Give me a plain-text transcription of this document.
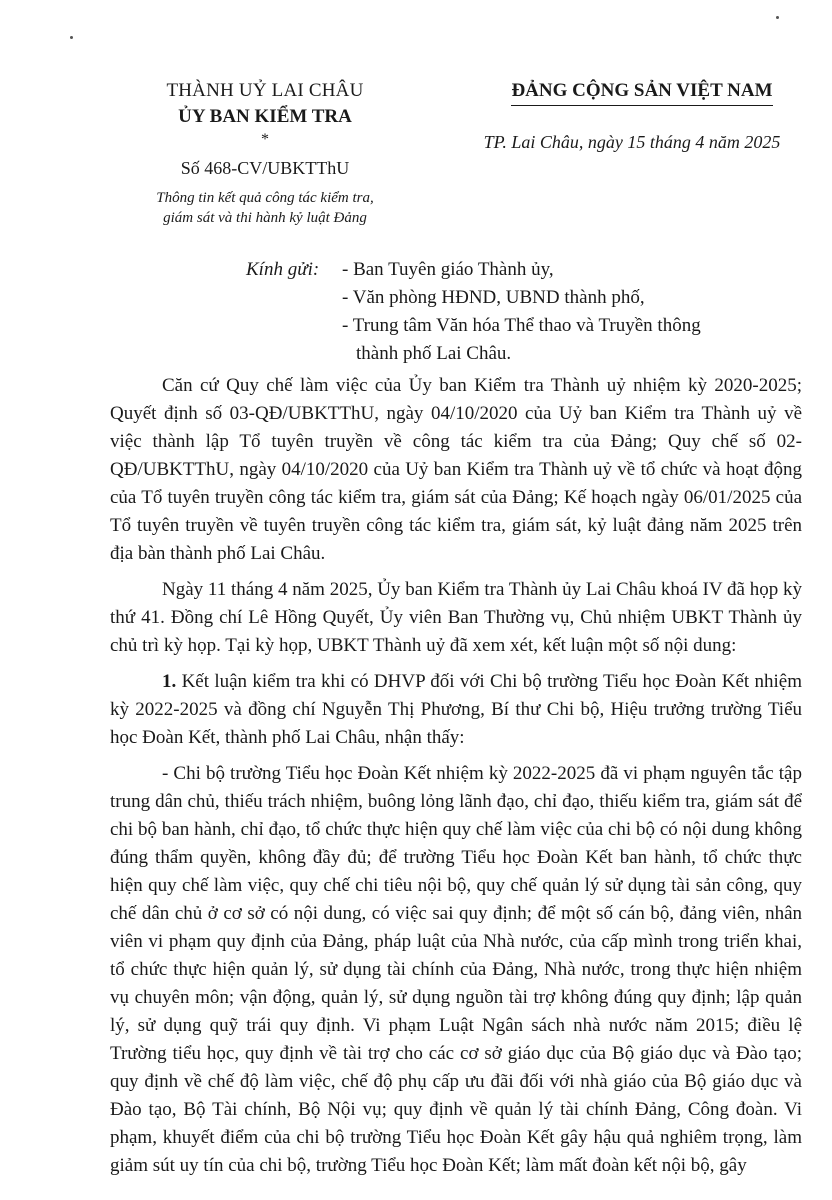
THÀNH UỶ LAI CHÂU
ỦY BAN KIỂM TRA
*
Số 468-CV/UBKTThU
Thông tin kết quả công tác kiểm tra,
giám sát và thi hành kỷ luật Đảng
ĐẢNG CỘNG SẢN VIỆT NAM
TP. Lai Châu, ngày 15 tháng 4 năm 2025
Kính gửi:	- Ban Tuyên giáo Thành ủy,
- Văn phòng HĐND, UBND thành phố,
- Trung tâm Văn hóa Thể thao và Truyền thông
thành phố Lai Châu.

Căn cứ Quy chế làm việc của Ủy ban Kiểm tra Thành uỷ nhiệm kỳ 2020-2025; Quyết định số 03-QĐ/UBKTThU, ngày 04/10/2020 của Uỷ ban Kiểm tra Thành uỷ về việc thành lập Tổ tuyên truyền về công tác kiểm tra của Đảng; Quy chế số 02-QĐ/UBKTThU, ngày 04/10/2020 của Uỷ ban Kiểm tra Thành uỷ về tổ chức và hoạt động của Tổ tuyên truyền công tác kiểm tra, giám sát của Đảng; Kế hoạch ngày 06/01/2025 của Tổ tuyên truyền về tuyên truyền công tác kiểm tra, giám sát, kỷ luật đảng năm 2025 trên địa bàn thành phố Lai Châu.

Ngày 11 tháng 4 năm 2025, Ủy ban Kiểm tra Thành ủy Lai Châu khoá IV đã họp kỳ thứ 41. Đồng chí Lê Hồng Quyết, Ủy viên Ban Thường vụ, Chủ nhiệm UBKT Thành ủy chủ trì kỳ họp. Tại kỳ họp, UBKT Thành uỷ đã xem xét, kết luận một số nội dung:

1. Kết luận kiểm tra khi có DHVP đối với Chi bộ trường Tiểu học Đoàn Kết nhiệm kỳ 2022-2025 và đồng chí Nguyễn Thị Phương, Bí thư Chi bộ, Hiệu trưởng trường Tiểu học Đoàn Kết, thành phố Lai Châu, nhận thấy:

- Chi bộ trường Tiểu học Đoàn Kết nhiệm kỳ 2022-2025 đã vi phạm nguyên tắc tập trung dân chủ, thiếu trách nhiệm, buông lỏng lãnh đạo, chỉ đạo, thiếu kiểm tra, giám sát để chi bộ ban hành, chỉ đạo, tổ chức thực hiện quy chế làm việc của chi bộ có nội dung không đúng thẩm quyền, không đầy đủ; để trường Tiểu học Đoàn Kết ban hành, tổ chức thực hiện quy chế làm việc, quy chế chi tiêu nội bộ, quy chế quản lý sử dụng tài sản công, quy chế dân chủ ở cơ sở có nội dung, có việc sai quy định; để một số cán bộ, đảng viên, nhân viên vi phạm quy định của Đảng, pháp luật của Nhà nước, của cấp mình trong triển khai, tổ chức thực hiện quản lý, sử dụng tài chính của Đảng, Nhà nước, trong thực hiện nhiệm vụ chuyên môn; vận động, quản lý, sử dụng nguồn tài trợ không đúng quy định; lập quản lý, sử dụng quỹ trái quy định. Vi phạm Luật Ngân sách nhà nước năm 2015; điều lệ Trường tiểu học, quy định về tài trợ cho các cơ sở giáo dục của Bộ giáo dục và Đào tạo; quy định về chế độ làm việc, chế độ phụ cấp ưu đãi đối với nhà giáo của Bộ giáo dục và Đào tạo, Bộ Tài chính, Bộ Nội vụ; quy định về quản lý tài chính Đảng, Công đoàn. Vi phạm, khuyết điểm của chi bộ trường Tiểu học Đoàn Kết gây hậu quả nghiêm trọng, làm giảm sút uy tín của chi bộ, trường Tiểu học Đoàn Kết; làm mất đoàn kết nội bộ, gây
